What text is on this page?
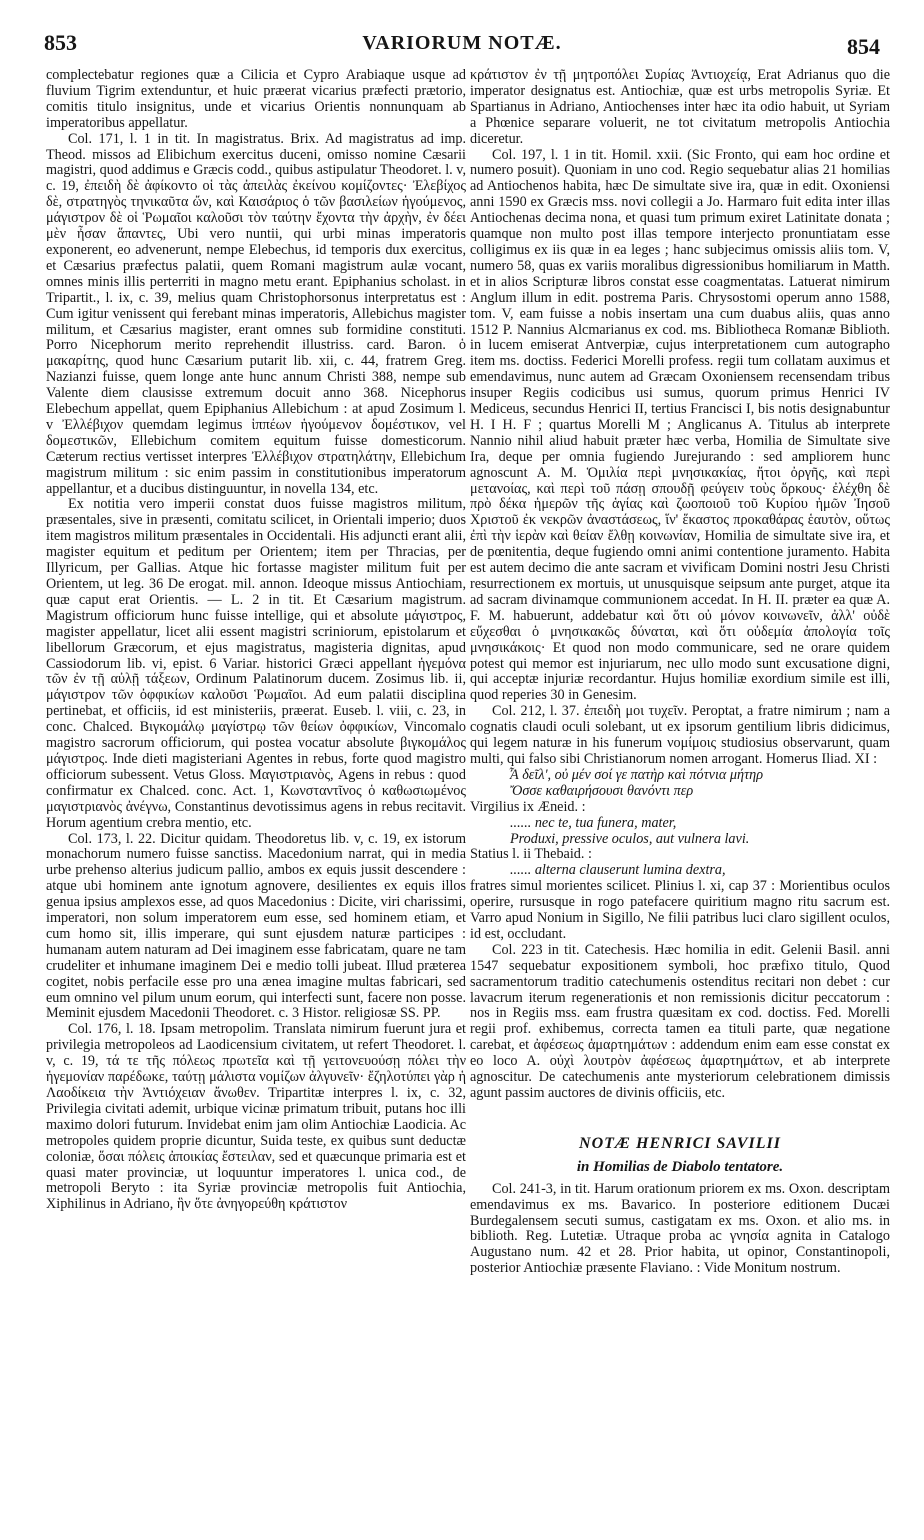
853	VARIORUM NOTÆ.	854

complectebatur regiones quæ a Cilicia et Cypro Arabiaque usque ad fluvium Tigrim extenduntur, et huic præerat vicarius præfecti prætorio, comitis titulo insignitus, unde et vicarius Orientis nonnunquam ab imperatoribus appellatur.

Col. 171, l. 1 in tit. In magistratus. Brix. Ad magistratus ad imp. Theod. missos ad Elibichum exercitus duceni, omisso nomine Cæsarii magistri, quod addimus e Græcis codd., quibus astipulatur Theodoret. l. v, c. 19, ἐπειδὴ δὲ ἀφίκοντο οἱ τὰς ἀπειλὰς ἐκείνου κομίζοντες· Ἐλεβίχος δὲ, στρατηγὸς τηνικαῦτα ὤν, καὶ Καισάριος ὁ τῶν βασιλείων ἡγούμενος, μάγιστρον δὲ οἱ Ῥωμαῖοι καλοῦσι τὸν ταύτην ἔχοντα τὴν ἀρχὴν, ἐν δέει μὲν ἦσαν ἅπαντες, Ubi vero nuntii, qui urbi minas imperatoris exponerent, eo advenerunt, nempe Elebechus, id temporis dux exercitus, et Cæsarius præfectus palatii, quem Romani magistrum aulæ vocant, omnes minis illis perterriti in magno metu erant. Epiphanius scholast. in Tripartit., l. ix, c. 39, melius quam Christophorsonus interpretatus est : Cum igitur venissent qui ferebant minas imperatoris, Allebichus magister militum, et Cæsarius magister, erant omnes sub formidine constituti. Porro Nicephorum merito reprehendit illustriss. card. Baron. ὁ μακαρίτης, quod hunc Cæsarium putarit lib. xii, c. 44, fratrem Greg. Nazianzi fuisse, quem longe ante hunc annum Christi 388, nempe sub Valente diem clausisse extremum docuit anno 368. Nicephorus Elebechum appellat, quem Epiphanius Allebichum : at apud Zosimum l. v Ἐλλέβιχον quemdam legimus ἱππέων ἡγούμενον δομέστικον, vel δομεστικῶν, Ellebichum comitem equitum fuisse domesticorum. Cæterum rectius vertisset interpres Ἐλλέβιχον στρατηλάτην, Ellebichum magistrum militum : sic enim passim in constitutionibus imperatorum appellantur, et a ducibus distinguuntur, in novella 134, etc.

Ex notitia vero imperii constat duos fuisse magistros militum, præsentales, sive in præsenti, comitatu scilicet, in Orientali imperio; duos item magistros militum præsentales in Occidentali. His adjuncti erant alii, magister equitum et peditum per Orientem; item per Thracias, per Illyricum, per Gallias. Atque hic fortasse magister militum fuit per Orientem, ut leg. 36 De erogat. mil. annon. Ideoque missus Antiochiam, quæ caput erat Orientis. — L. 2 in tit. Et Cæsarium magistrum. Magistrum officiorum hunc fuisse intellige, qui et absolute μάγιστρος, magister appellatur, licet alii essent magistri scriniorum, epistolarum et libellorum Græcorum, et ejus magistratus, magisteria dignitas, apud Cassiodorum lib. vi, epist. 6 Variar. historici Græci appellant ἡγεμόνα τῶν ἐν τῇ αὐλῇ τάξεων, Ordinum Palatinorum ducem. Zosimus lib. ii, μάγιστρον τῶν ὀφφικίων καλοῦσι Ῥωμαῖοι. Ad eum palatii disciplina pertinebat, et officiis, id est ministeriis, præerat. Euseb. l. viii, c. 23, in conc. Chalced. Βιγκομάλῳ μαγίστρῳ τῶν θείων ὀφφικίων, Vincomalo magistro sacrorum officiorum, qui postea vocatur absolute βιγκομάλος μάγιστρος. Inde dieti magisteriani Agentes in rebus, forte quod magistro officiorum subessent. Vetus Gloss. Μαγιστριανὸς, Agens in rebus : quod confirmatur ex Chalced. conc. Act. 1, Κωνσταντῖνος ὁ καθωσιωμένος μαγιστριανὸς ἀνέγνω, Constantinus devotissimus agens in rebus recitavit. Horum agentium crebra mentio, etc.

Col. 173, l. 22. Dicitur quidam. Theodoretus lib. v, c. 19, ex istorum monachorum numero fuisse sanctiss. Macedonium narrat, qui in media urbe prehenso alterius judicum pallio, ambos ex equis jussit descendere : atque ubi hominem ante ignotum agnovere, desilientes ex equis illos genua ipsius amplexos esse, ad quos Macedonius : Dicite, viri charissimi, imperatori, non solum imperatorem eum esse, sed hominem etiam, et cum homo sit, illis imperare, qui sunt ejusdem naturæ participes : humanam autem naturam ad Dei imaginem esse fabricatam, quare ne tam crudeliter et inhumane imaginem Dei e medio tolli jubeat. Illud præterea cogitet, nobis perfacile esse pro una ænea imagine multas fabricari, sed eum omnino vel pilum unum eorum, qui interfecti sunt, facere non posse. Meminit ejusdem Macedonii Theodoret. c. 3 Histor. religiosæ SS. PP.

Col. 176, l. 18. Ipsam metropolim. Translata nimirum fuerunt jura et privilegia metropoleos ad Laodicensium civitatem, ut refert Theodoret. l. v, c. 19, τά τε τῆς πόλεως πρωτεῖα καὶ τῇ γειτονευούσῃ πόλει τὴν ἡγεμονίαν παρέδωκε, ταύτῃ μάλιστα νομίζων ἀλγυνεῖν· ἔζηλοτύπει γὰρ ἡ Λαοδίκεια τὴν Ἀντιόχειαν ἄνωθεν. Tripartitæ interpres l. ix, c. 32, Privilegia civitati ademit, urbique vicinæ primatum tribuit, putans hoc illi maximo dolori futurum. Invidebat enim jam olim Antiochiæ Laodicia. Ac metropoles quidem proprie dicuntur, Suida teste, ex quibus sunt deductæ coloniæ, ὅσαι πόλεις ἀποικίας ἔστειλαν, sed et quæcunque primaria est et quasi mater provinciæ, ut loquuntur imperatores l. unica cod., de metropoli Beryto : ita Syriæ provinciæ metropolis fuit Antiochia, Xiphilinus in Adriano, ἣν ὅτε ἀνηγορεύθη κράτιστον

κράτιστον ἐν τῇ μητροπόλει Συρίας Ἀντιοχείᾳ, Erat Adrianus quo die imperator designatus est. Antiochiæ, quæ est urbs metropolis Syriæ. Et Spartianus in Adriano, Antiochenses inter hæc ita odio habuit, ut Syriam a Phœnice separare voluerit, ne tot civitatum metropolis Antiochia diceretur.

Col. 197, l. 1 in tit. Homil. xxii. (Sic Fronto, qui eam hoc ordine et numero posuit). Quoniam in uno cod. Regio sequebatur alias 21 homilias ad Antiochenos habita, hæc De simultate sive ira, quæ in edit. Oxoniensi anni 1590 ex Græcis mss. novi collegii a Jo. Harmaro fuit edita inter illas Antiochenas decima nona, et quasi tum primum exiret Latinitate donata ; quamque non multo post illas tempore interjecto pronuntiatam esse colligimus ex iis quæ in ea leges ; hanc subjecimus omissis aliis tom. V, numero 58, quas ex variis moralibus digressionibus homiliarum in Matth. et in alios Scripturæ libros constat esse coagmentatas. Latuerat nimirum Anglum illum in edit. postrema Paris. Chrysostomi operum anno 1588, tom. V, eam fuisse a nobis insertam una cum duabus aliis, quas anno 1512 P. Nannius Alcmarianus ex cod. ms. Bibliotheca Romanæ Biblioth. in lucem emiserat Antverpiæ, cujus interpretationem cum autographo item ms. doctiss. Federici Morelli profess. regii tum collatam auximus et emendavimus, nunc autem ad Græcam Oxoniensem recensendam tribus insuper Regiis codicibus usi sumus, quorum primus Henrici IV Mediceus, secundus Henrici II, tertius Francisci I, bis notis designabuntur H. I H. F ; quartus Morelli M ; Anglicanus A. Titulus ab interprete Nannio nihil aliud habuit præter hæc verba, Homilia de Simultate sive Ira, deque per omnia fugiendo Jurejurando : sed ampliorem hunc agnoscunt A. M. Ὁμιλία περὶ μνησικακίας, ἤτοι ὀργῆς, καὶ περὶ μετανοίας, καὶ περὶ τοῦ πάσῃ σπουδῇ φεύγειν τοὺς ὅρκους· ἐλέχθη δὲ πρὸ δέκα ἡμερῶν τῆς ἁγίας καὶ ζωοποιοῦ τοῦ Κυρίου ἡμῶν Ἰησοῦ Χριστοῦ ἐκ νεκρῶν ἀναστάσεως, ἵν' ἕκαστος προκαθάρας ἑαυτὸν, οὕτως ἐπὶ τὴν ἱερὰν καὶ θείαν ἔλθῃ κοινωνίαν, Homilia de simultate sive ira, et de pœnitentia, deque fugiendo omni animi contentione juramento. Habita est autem decimo die ante sacram et vivificam Domini nostri Jesu Christi resurrectionem ex mortuis, ut unusquisque seipsum ante purget, atque ita ad sacram divinamque communionem accedat. In H. II. præter ea quæ A. F. M. habuerunt, addebatur καὶ ὅτι οὐ μόνον κοινωνεῖν, ἀλλ' οὐδὲ εὔχεσθαι ὁ μνησικακῶς δύναται, καὶ ὅτι οὐδεμία ἀπολογία τοῖς μνησικάκοις· Et quod non modo communicare, sed ne orare quidem potest qui memor est injuriarum, nec ullo modo sunt excusatione digni, qui acceptæ injuriæ recordantur. Hujus homiliæ exordium simile est illi, quod reperies 30 in Genesim.

Col. 212, l. 37. ἐπειδὴ μοι τυχεῖν. Peroptat, a fratre nimirum ; nam a cognatis claudi oculi solebant, ut ex ipsorum gentilium libris didicimus, qui legem naturæ in his funerum νομίμοις studiosius observarunt, quam multi, qui falso sibi Christianorum nomen arrogant. Homerus Iliad. XI :

Ἆ δεῖλ', οὐ μέν σοί γε πατὴρ καὶ πότνια μήτηρ

Ὄσσε καθαιρήσουσι θανόντι περ

Virgilius ix Æneid. :

...... nec te, tua funera, mater,

Produxi, pressive oculos, aut vulnera lavi.

Statius l. ii Thebaid. :

...... alterna clauserunt lumina dextra,

fratres simul morientes scilicet. Plinius l. xi, cap 37 : Morientibus oculos operire, rursusque in rogo patefacere quiritium magno ritu sacrum est. Varro apud Nonium in Sigillo, Ne filii patribus luci claro sigillent oculos, id est, occludant.

Col. 223 in tit. Catechesis. Hæc homilia in edit. Gelenii Basil. anni 1547 sequebatur expositionem symboli, hoc præfixo titulo, Quod sacramentorum traditio catechumenis ostenditus recitari non debet : cur lavacrum iterum regenerationis et non remissionis dicitur peccatorum : nos in Regiis mss. eam frustra quæsitam ex cod. doctiss. Fed. Morelli regii prof. exhibemus, correcta tamen ea tituli parte, quæ negatione carebat, et ἀφέσεως ἁμαρτημάτων : addendum enim eam esse constat ex eo loco A. οὐχὶ λουτρὸν ἀφέσεως ἁμαρτημάτων, et ab interprete agnoscitur. De catechumenis ante mysteriorum celebrationem dimissis agunt passim auctores de divinis officiis, etc.

NOTÆ HENRICI SAVILII

in Homilias de Diabolo tentatore.

Col. 241-3, in tit. Harum orationum priorem ex ms. Oxon. descriptam emendavimus ex ms. Bavarico. In posteriore editionem Ducæi Burdegalensem secuti sumus, castigatam ex ms. Oxon. et alio ms. in biblioth. Reg. Lutetiæ. Utraque proba ac γνησία agnita in Catalogo Augustano num. 42 et 28. Prior habita, ut opinor, Constantinopoli, posterior Antiochiæ præsente Flaviano. : Vide Monitum nostrum.
